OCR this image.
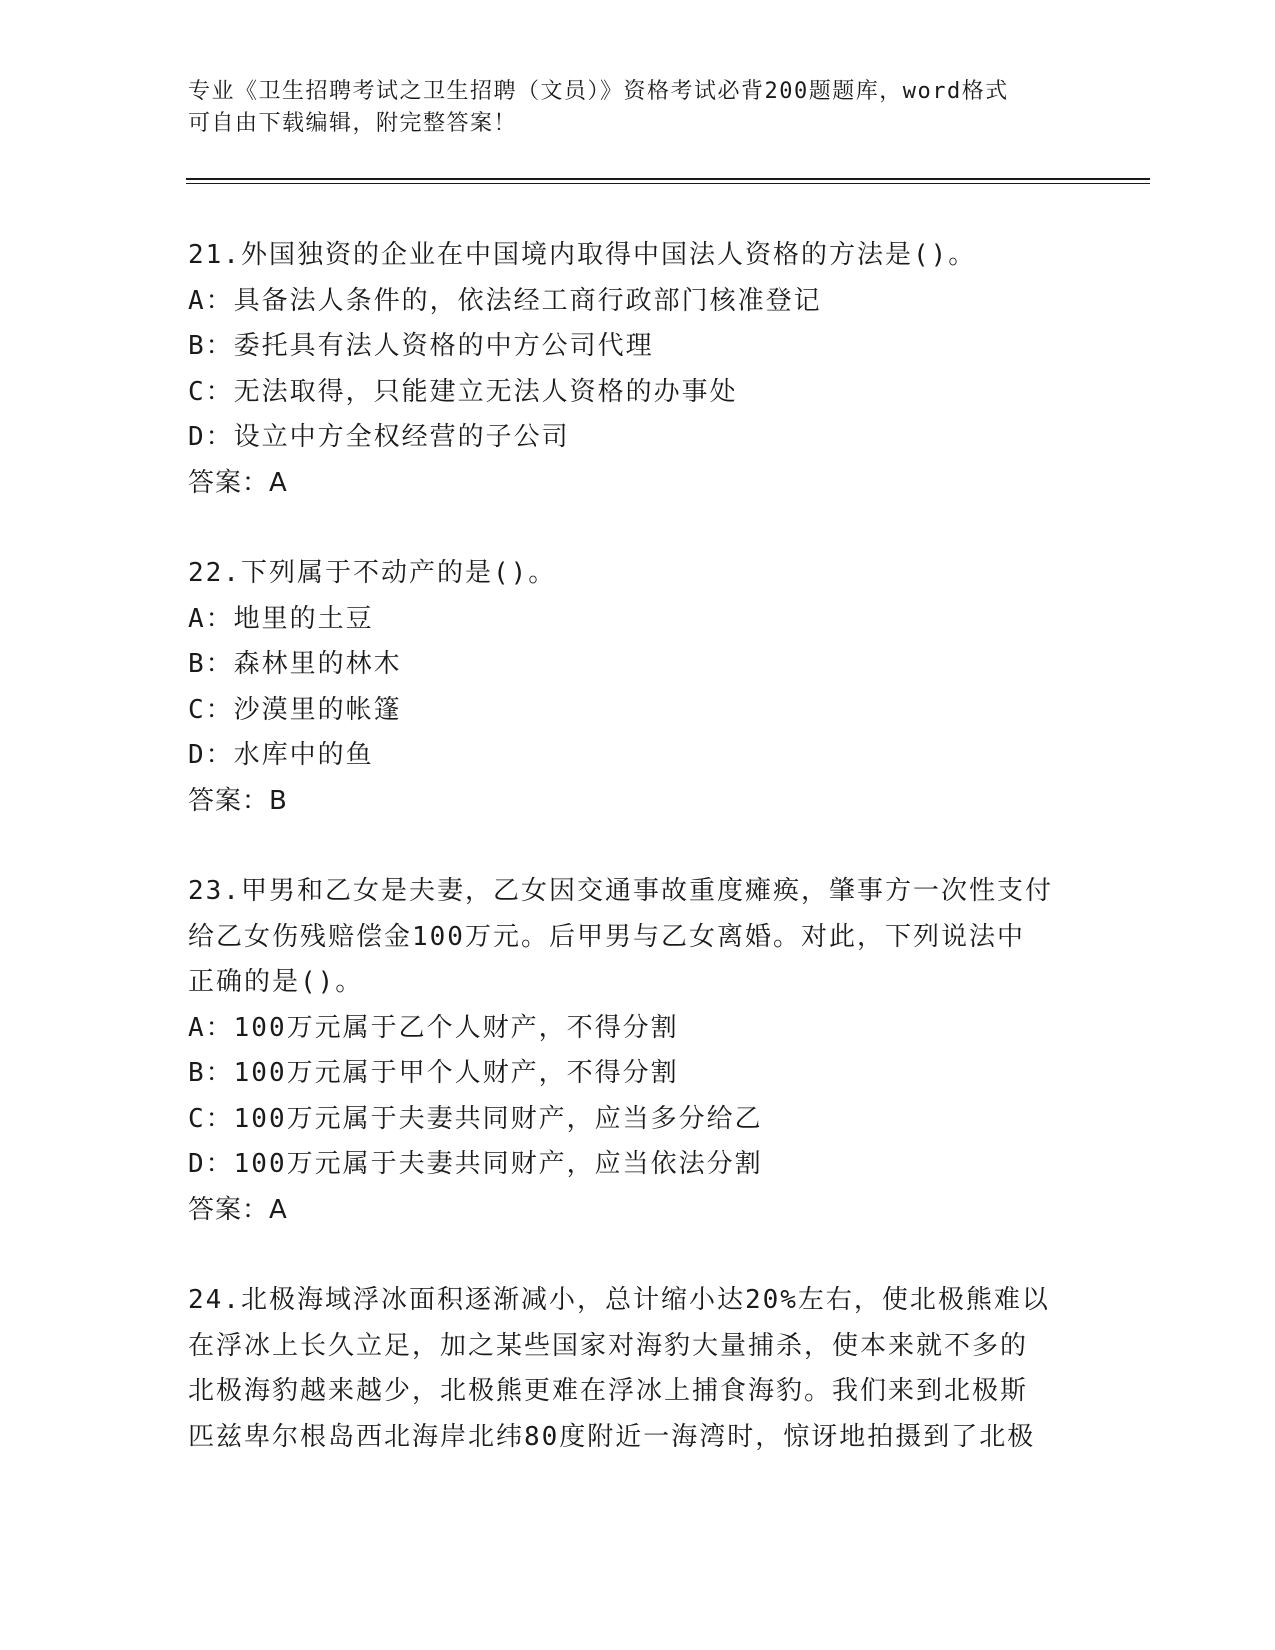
专业《卫生招聘考试之卫生招聘（文员）》资格考试必背200题题库，word格式
可自由下载编辑，附完整答案！
21.外国独资的企业在中国境内取得中国法人资格的方法是()。
A：具备法人条件的，依法经工商行政部门核准登记
B：委托具有法人资格的中方公司代理
C：无法取得，只能建立无法人资格的办事处
D：设立中方全权经营的子公司
答案：A
22.下列属于不动产的是()。
A：地里的土豆
B：森林里的林木
C：沙漠里的帐篷
D：水库中的鱼
答案：B
23.甲男和乙女是夫妻，乙女因交通事故重度瘫痪，肇事方一次性支付
给乙女伤残赔偿金100万元。后甲男与乙女离婚。对此，下列说法中
正确的是()。
A：100万元属于乙个人财产，不得分割
B：100万元属于甲个人财产，不得分割
C：100万元属于夫妻共同财产，应当多分给乙
D：100万元属于夫妻共同财产，应当依法分割
答案：A
24.北极海域浮冰面积逐渐减小，总计缩小达20%左右，使北极熊难以
在浮冰上长久立足，加之某些国家对海豹大量捕杀，使本来就不多的
北极海豹越来越少，北极熊更难在浮冰上捕食海豹。我们来到北极斯
匹兹卑尔根岛西北海岸北纬80度附近一海湾时，惊讶地拍摄到了北极
